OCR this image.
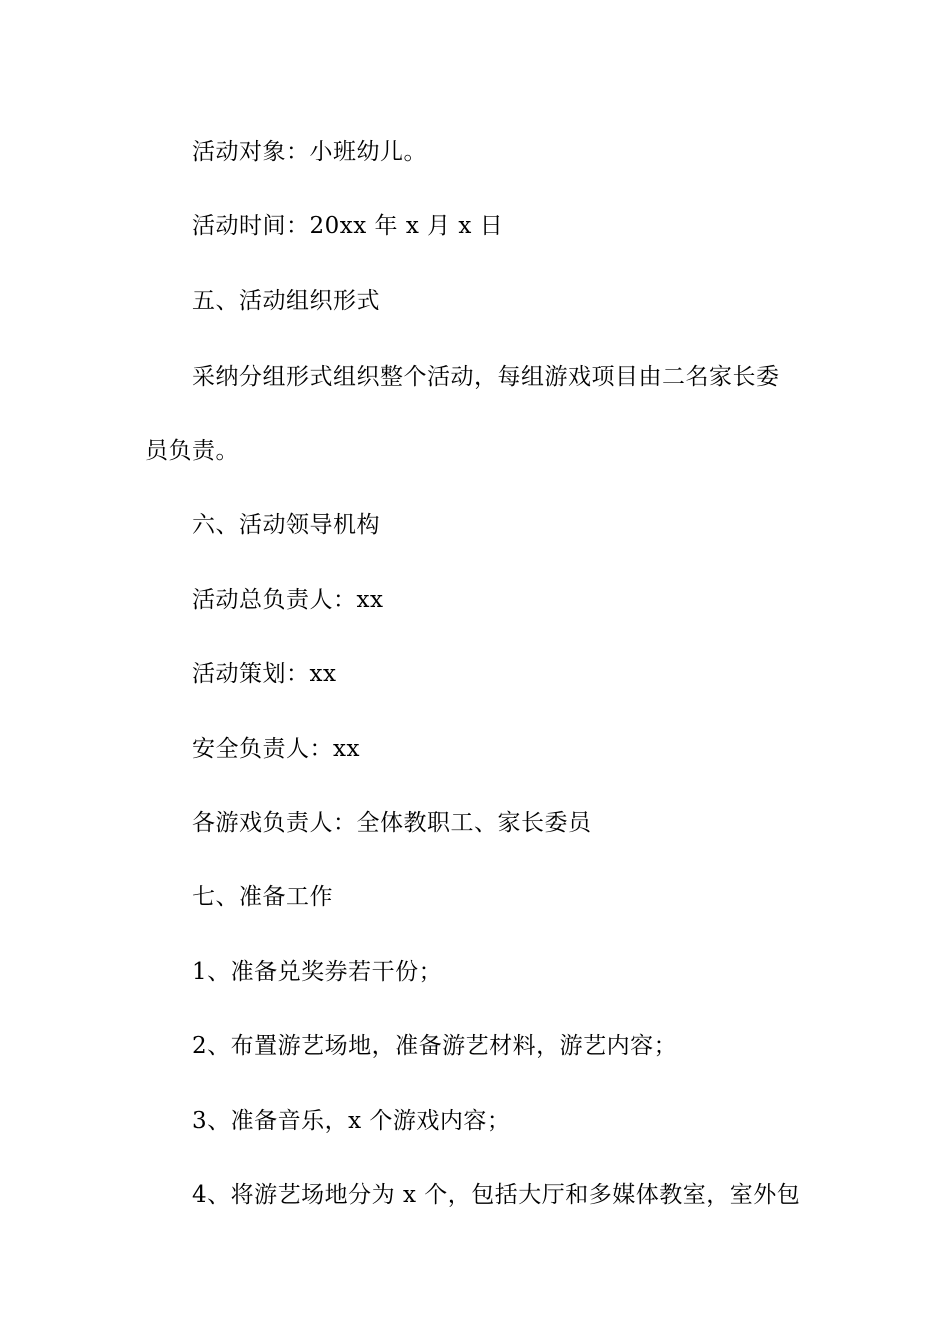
活动对象：小班幼儿。

活动时间：20xx 年 x 月 x 日

五、活动组织形式

采纳分组形式组织整个活动，每组游戏项目由二名家长委

员负责。

六、活动领导机构

活动总负责人：xx

活动策划：xx

安全负责人：xx

各游戏负责人：全体教职工、家长委员

七、准备工作

1、准备兑奖券若干份；

2、布置游艺场地，准备游艺材料，游艺内容；

3、准备音乐，x 个游戏内容；

4、将游艺场地分为 x 个，包括大厅和多媒体教室，室外包
